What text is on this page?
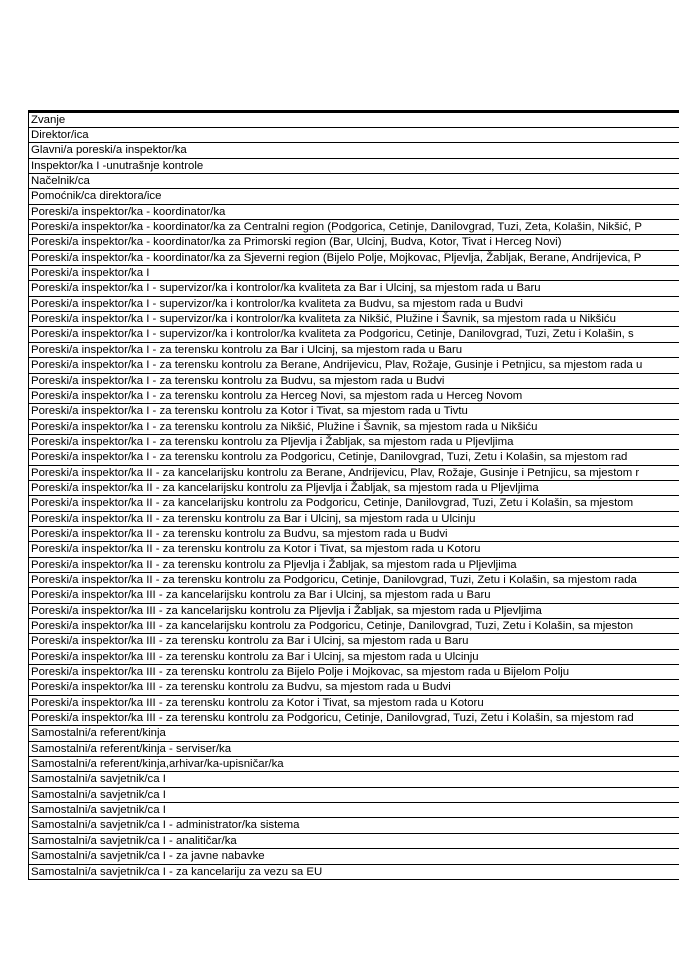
Zvanje
Direktor/ica
Glavni/a poreski/a inspektor/ka
Inspektor/ka I -unutrašnje kontrole
Načelnik/ca
Pomoćnik/ca direktora/ice
Poreski/a inspektor/ka - koordinator/ka
Poreski/a inspektor/ka - koordinator/ka za Centralni region (Podgorica, Cetinje, Danilovgrad, Tuzi, Zeta, Kolašin, Nikšić, P
Poreski/a inspektor/ka - koordinator/ka za Primorski region (Bar, Ulcinj, Budva, Kotor, Tivat i Herceg Novi)
Poreski/a inspektor/ka - koordinator/ka za Sjeverni region (Bijelo Polje, Mojkovac, Pljevlja, Žabljak, Berane, Andrijevica, P
Poreski/a inspektor/ka I
Poreski/a inspektor/ka I - supervizor/ka i kontrolor/ka kvaliteta za Bar i Ulcinj, sa mjestom rada u Baru
Poreski/a inspektor/ka I - supervizor/ka i kontrolor/ka kvaliteta za Budvu, sa mjestom rada u Budvi
Poreski/a inspektor/ka I - supervizor/ka i kontrolor/ka kvaliteta za Nikšić, Plužine i Šavnik, sa mjestom rada u Nikšiću
Poreski/a inspektor/ka I - supervizor/ka i kontrolor/ka kvaliteta za Podgoricu, Cetinje, Danilovgrad, Tuzi, Zetu i Kolašin, s
Poreski/a inspektor/ka I - za terensku kontrolu za Bar i Ulcinj, sa mjestom rada u Baru
Poreski/a inspektor/ka I - za terensku kontrolu za Berane, Andrijevicu, Plav, Rožaje, Gusinje i Petnjicu, sa mjestom rada u
Poreski/a inspektor/ka I - za terensku kontrolu za Budvu, sa mjestom rada u Budvi
Poreski/a inspektor/ka I - za terensku kontrolu za Herceg Novi, sa mjestom rada u Herceg Novom
Poreski/a inspektor/ka I - za terensku kontrolu za Kotor i Tivat, sa mjestom rada u Tivtu
Poreski/a inspektor/ka I - za terensku kontrolu za Nikšić, Plužine i Šavnik, sa mjestom rada u Nikšiću
Poreski/a inspektor/ka I - za terensku kontrolu za Pljevlja i Žabljak, sa mjestom rada u Pljevljima
Poreski/a inspektor/ka I - za terensku kontrolu za Podgoricu, Cetinje, Danilovgrad, Tuzi, Zetu i Kolašin, sa mjestom rad
Poreski/a inspektor/ka II - za kancelarijsku kontrolu za Berane, Andrijevicu, Plav, Rožaje, Gusinje i Petnjicu, sa mjestom r
Poreski/a inspektor/ka II - za kancelarijsku kontrolu za Pljevlja i Žabljak, sa mjestom rada u Pljevljima
Poreski/a inspektor/ka II - za kancelarijsku kontrolu za Podgoricu, Cetinje, Danilovgrad, Tuzi, Zetu i Kolašin, sa mjestom
Poreski/a inspektor/ka II - za terensku kontrolu za Bar i Ulcinj, sa mjestom rada u Ulcinju
Poreski/a inspektor/ka II - za terensku kontrolu za Budvu, sa mjestom rada u Budvi
Poreski/a inspektor/ka II - za terensku kontrolu za Kotor i Tivat, sa mjestom rada u Kotoru
Poreski/a inspektor/ka II - za terensku kontrolu za Pljevlja i Žabljak, sa mjestom rada u Pljevljima
Poreski/a inspektor/ka II - za terensku kontrolu za Podgoricu, Cetinje, Danilovgrad, Tuzi, Zetu i Kolašin, sa mjestom rada
Poreski/a inspektor/ka III - za kancelarijsku kontrolu za Bar i Ulcinj, sa mjestom rada u Baru
Poreski/a inspektor/ka III - za kancelarijsku kontrolu za Pljevlja i Žabljak, sa mjestom rada u Pljevljima
Poreski/a inspektor/ka III - za kancelarijsku kontrolu za Podgoricu, Cetinje, Danilovgrad, Tuzi, Zetu i Kolašin, sa mjeston
Poreski/a inspektor/ka III - za terensku kontrolu za Bar i Ulcinj, sa mjestom rada u Baru
Poreski/a inspektor/ka III - za terensku kontrolu za Bar i Ulcinj, sa mjestom rada u Ulcinju
Poreski/a inspektor/ka III - za terensku kontrolu za Bijelo Polje i Mojkovac, sa mjestom rada u Bijelom Polju
Poreski/a inspektor/ka III - za terensku kontrolu za Budvu, sa mjestom rada u Budvi
Poreski/a inspektor/ka III - za terensku kontrolu za Kotor i Tivat, sa mjestom rada u Kotoru
Poreski/a inspektor/ka III - za terensku kontrolu za Podgoricu, Cetinje, Danilovgrad, Tuzi, Zetu i Kolašin, sa mjestom rad
Samostalni/a referent/kinja
Samostalni/a referent/kinja - serviser/ka
Samostalni/a referent/kinja,arhivar/ka-upisničar/ka
Samostalni/a savjetnik/ca I
Samostalni/a savjetnik/ca I
Samostalni/a savjetnik/ca I
Samostalni/a savjetnik/ca I - administrator/ka sistema
Samostalni/a savjetnik/ca I - analitičar/ka
Samostalni/a savjetnik/ca I - za javne nabavke
Samostalni/a savjetnik/ca I - za kancelariju za vezu sa EU
